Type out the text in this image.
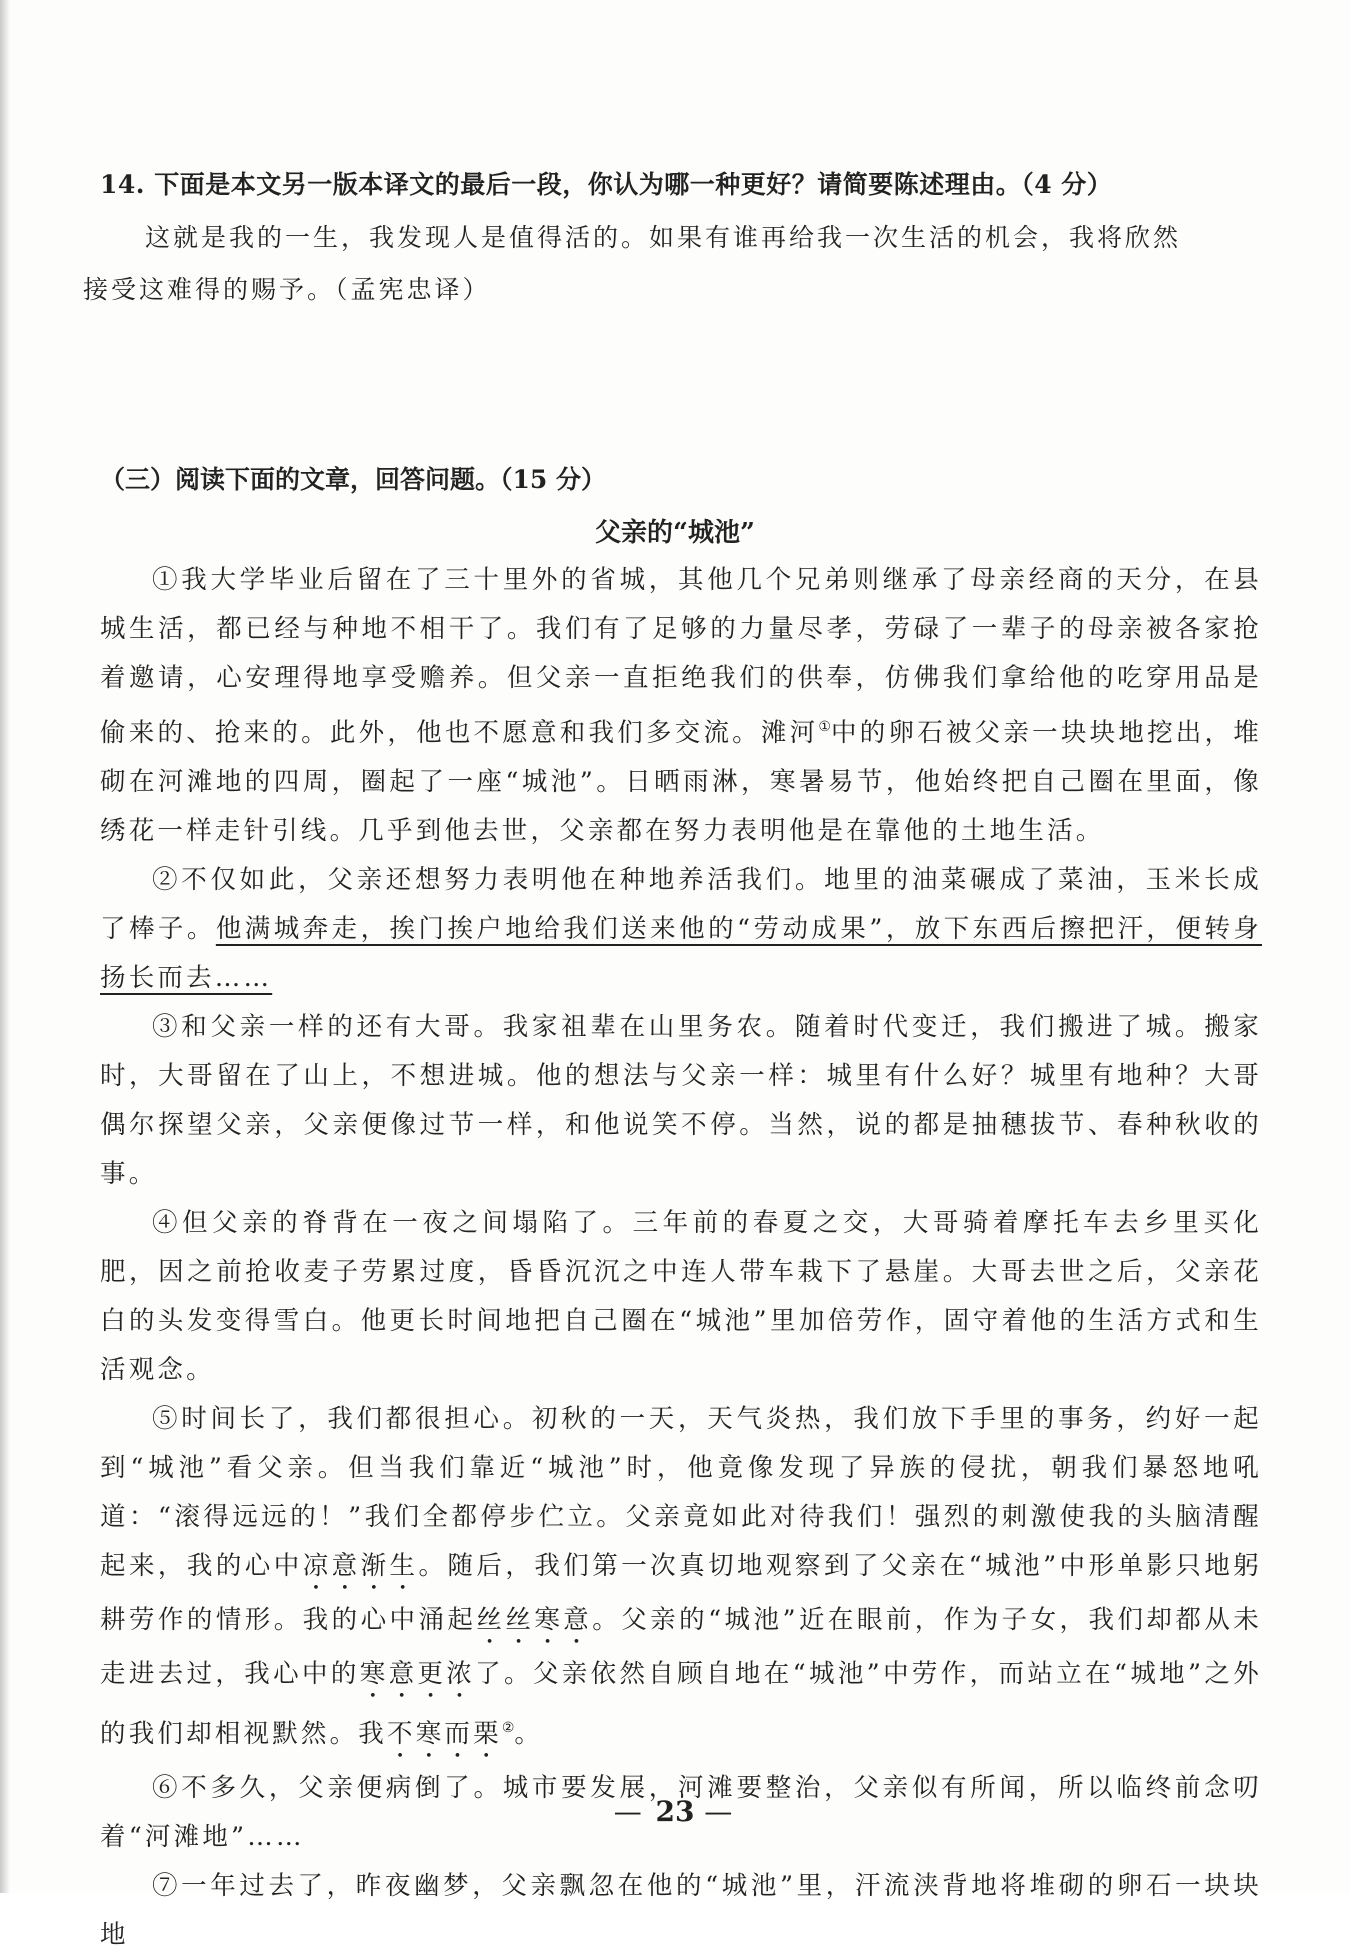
14. 下面是本文另一版本译文的最后一段，你认为哪一种更好？请简要陈述理由。（4 分）
这就是我的一生，我发现人是值得活的。如果有谁再给我一次生活的机会，我将欣然接受这难得的赐予。（孟宪忠译）
（三）阅读下面的文章，回答问题。（15 分）
父亲的“城池”

①我大学毕业后留在了三十里外的省城，其他几个兄弟则继承了母亲经商的天分，在县城生活，都已经与种地不相干了。我们有了足够的力量尽孝，劳碌了一辈子的母亲被各家抢着邀请，心安理得地享受赡养。但父亲一直拒绝我们的供奉，仿佛我们拿给他的吃穿用品是偷来的、抢来的。此外，他也不愿意和我们多交流。滩河①中的卵石被父亲一块块地挖出，堆砌在河滩地的四周，圈起了一座“城池”。日晒雨淋，寒暑易节，他始终把自己圈在里面，像绣花一样走针引线。几乎到他去世，父亲都在努力表明他是在靠他的土地生活。

②不仅如此，父亲还想努力表明他在种地养活我们。地里的油菜碾成了菜油，玉米长成了棒子。他满城奔走，挨门挨户地给我们送来他的“劳动成果”，放下东西后擦把汗，便转身扬长而去……

③和父亲一样的还有大哥。我家祖辈在山里务农。随着时代变迁，我们搬进了城。搬家时，大哥留在了山上，不想进城。他的想法与父亲一样：城里有什么好？城里有地种？大哥偶尔探望父亲，父亲便像过节一样，和他说笑不停。当然，说的都是抽穗拔节、春种秋收的事。

④但父亲的脊背在一夜之间塌陷了。三年前的春夏之交，大哥骑着摩托车去乡里买化肥，因之前抢收麦子劳累过度，昏昏沉沉之中连人带车栽下了悬崖。大哥去世之后，父亲花白的头发变得雪白。他更长时间地把自己圈在“城池”里加倍劳作，固守着他的生活方式和生活观念。

⑤时间长了，我们都很担心。初秋的一天，天气炎热，我们放下手里的事务，约好一起到“城池”看父亲。但当我们靠近“城池”时，他竟像发现了异族的侵扰，朝我们暴怒地吼道：“滚得远远的！”我们全都停步伫立。父亲竟如此对待我们！强烈的刺激使我的头脑清醒起来，我的心中凉意渐生。随后，我们第一次真切地观察到了父亲在“城池”中形单影只地躬耕劳作的情形。我的心中涌起丝丝寒意。父亲的“城池”近在眼前，作为子女，我们却都从未走进去过，我心中的寒意更浓了。父亲依然自顾自地在“城池”中劳作，而站立在“城地”之外的我们却相视默然。我不寒而栗②。

⑥不多久，父亲便病倒了。城市要发展，河滩要整治，父亲似有所闻，所以临终前念叨着“河滩地”……

⑦一年过去了，昨夜幽梦，父亲飘忽在他的“城池”里，汗流浃背地将堆砌的卵石一块块地

— 23 —
